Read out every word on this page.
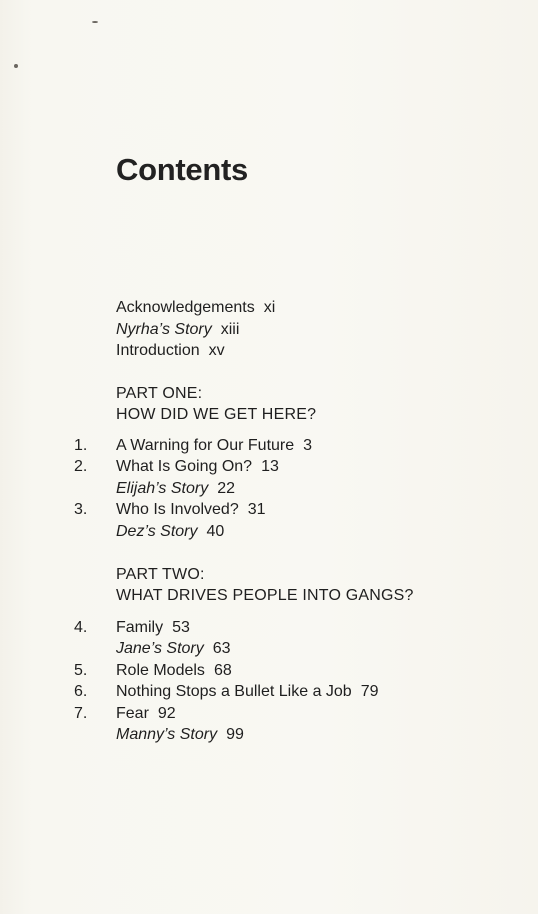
Contents
Acknowledgements xi
Nyrha’s Story xiii
Introduction xv
PART ONE:
HOW DID WE GET HERE?
1. A Warning for Our Future 3
2. What Is Going On? 13
Elijah’s Story 22
3. Who Is Involved? 31
Dez’s Story 40
PART TWO:
WHAT DRIVES PEOPLE INTO GANGS?
4. Family 53
Jane’s Story 63
5. Role Models 68
6. Nothing Stops a Bullet Like a Job 79
7. Fear 92
Manny’s Story 99
